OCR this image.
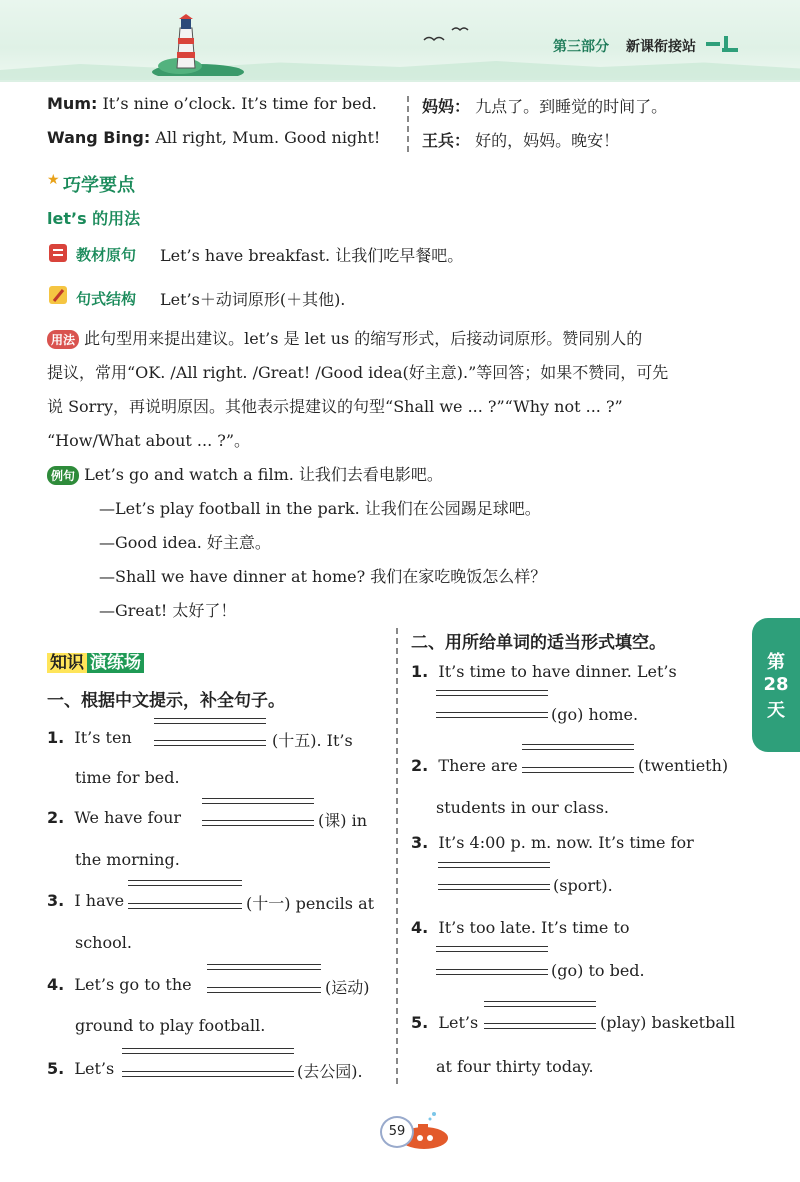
第三部分 新课衔接站
Mum: It’s nine o’clock. It’s time for bed.
Wang Bing: All right, Mum. Good night!
妈妈： 九点了。到睡觉的时间了。
王兵： 好的，妈妈。晚安！
★ 巧学要点
let’s 的用法
教材原句 Let’s have breakfast. 让我们吃早餐吧。
句式结构 Let’s＋动词原形(＋其他).
用法 此句型用来提出建议。let’s 是 let us 的缩写形式，后接动词原形。赞同别人的
提议，常用“OK. /All right. /Great! /Good idea(好主意).”等回答；如果不赞同，可先
说 Sorry，再说明原因。其他表示提建议的句型“Shall we ... ?”“Why not ... ?”
“How/What about ... ?”。
例句 Let’s go and watch a film. 让我们去看电影吧。
—Let’s play football in the park. 让我们在公园踢足球吧。
—Good idea. 好主意。
—Shall we have dinner at home? 我们在家吃晚饭怎么样？
—Great! 太好了！
知识 演练场
一、根据中文提示，补全句子。
1. It’s ten	(十五). It’s
time for bed.
2. We have four	(课) in
the morning.
3. I have	(十一) pencils at
school.
4. Let’s go to the	(运动)
ground to play football.
5. Let’s	(去公园).
二、用所给单词的适当形式填空。
1. It’s time to have dinner. Let’s
(go) home.
2. There are	(twentieth)
students in our class.
3. It’s 4:00 p. m. now. It’s time for
(sport).
4. It’s too late. It’s time to
(go) to bed.
5. Let’s	(play) basketball
at four thirty today.
第
28
天
59
